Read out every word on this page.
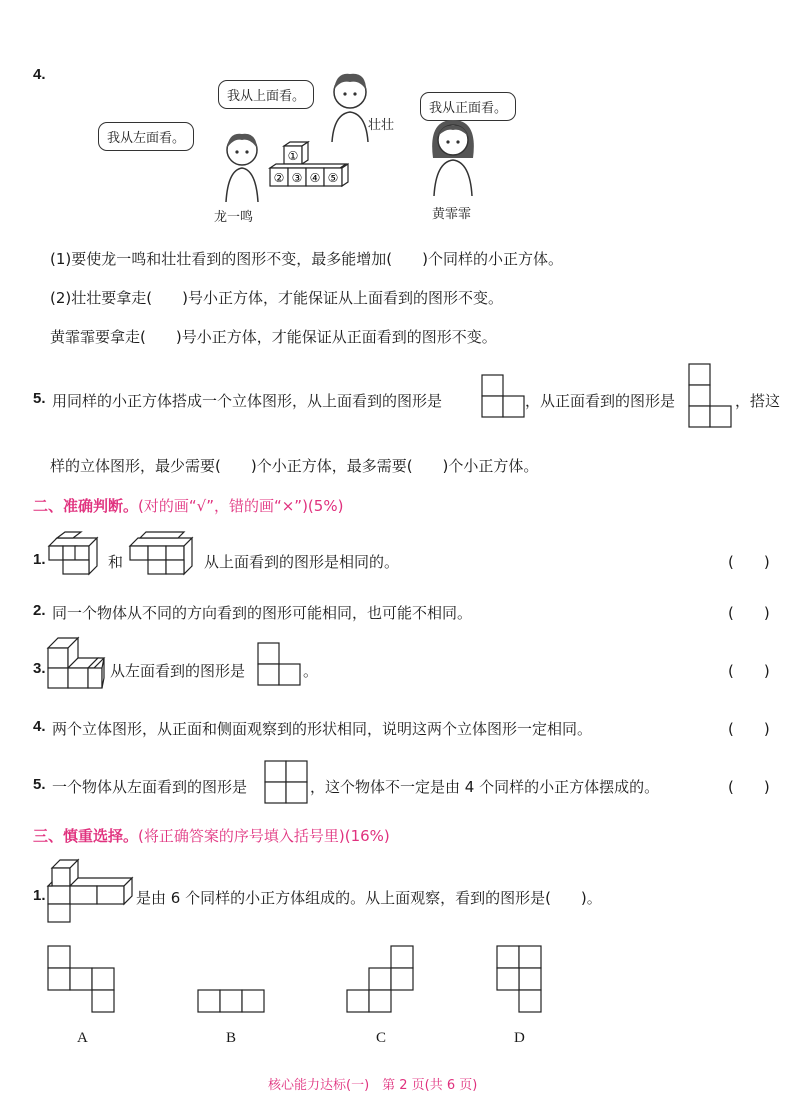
4.
我从上面看。
我从左面看。
我从正面看。
壮壮
龙一鸣	黄霏霏
①
② ③ ④ ⑤
(1)要使龙一鸣和壮壮看到的图形不变，最多能增加(　　)个同样的小正方体。
(2)壮壮要拿走(　　)号小正方体，才能保证从上面看到的图形不变。
黄霏霏要拿走(　　)号小正方体，才能保证从正面看到的图形不变。
5. 用同样的小正方体搭成一个立体图形，从上面看到的图形是	，从正面看到的图形是	，搭这
样的立体图形，最少需要(　　)个小正方体，最多需要(　　)个小正方体。
二、准确判断。(对的画“√”，错的画“×”)(5%)
1.	和	从上面看到的图形是相同的。	(　　)
2. 同一个物体从不同的方向看到的图形可能相同，也可能不相同。	(　　)
3.	从左面看到的图形是	。	(　　)
4. 两个立体图形，从正面和侧面观察到的形状相同，说明这两个立体图形一定相同。	(　　)
5. 一个物体从左面看到的图形是	，这个物体不一定是由 4 个同样的小正方体摆成的。	(　　)
三、慎重选择。(将正确答案的序号填入括号里)(16%)
1.	是由 6 个同样的小正方体组成的。从上面观察，看到的图形是(　　)。
A	B	C	D
核心能力达标(一)　第 2 页(共 6 页)
